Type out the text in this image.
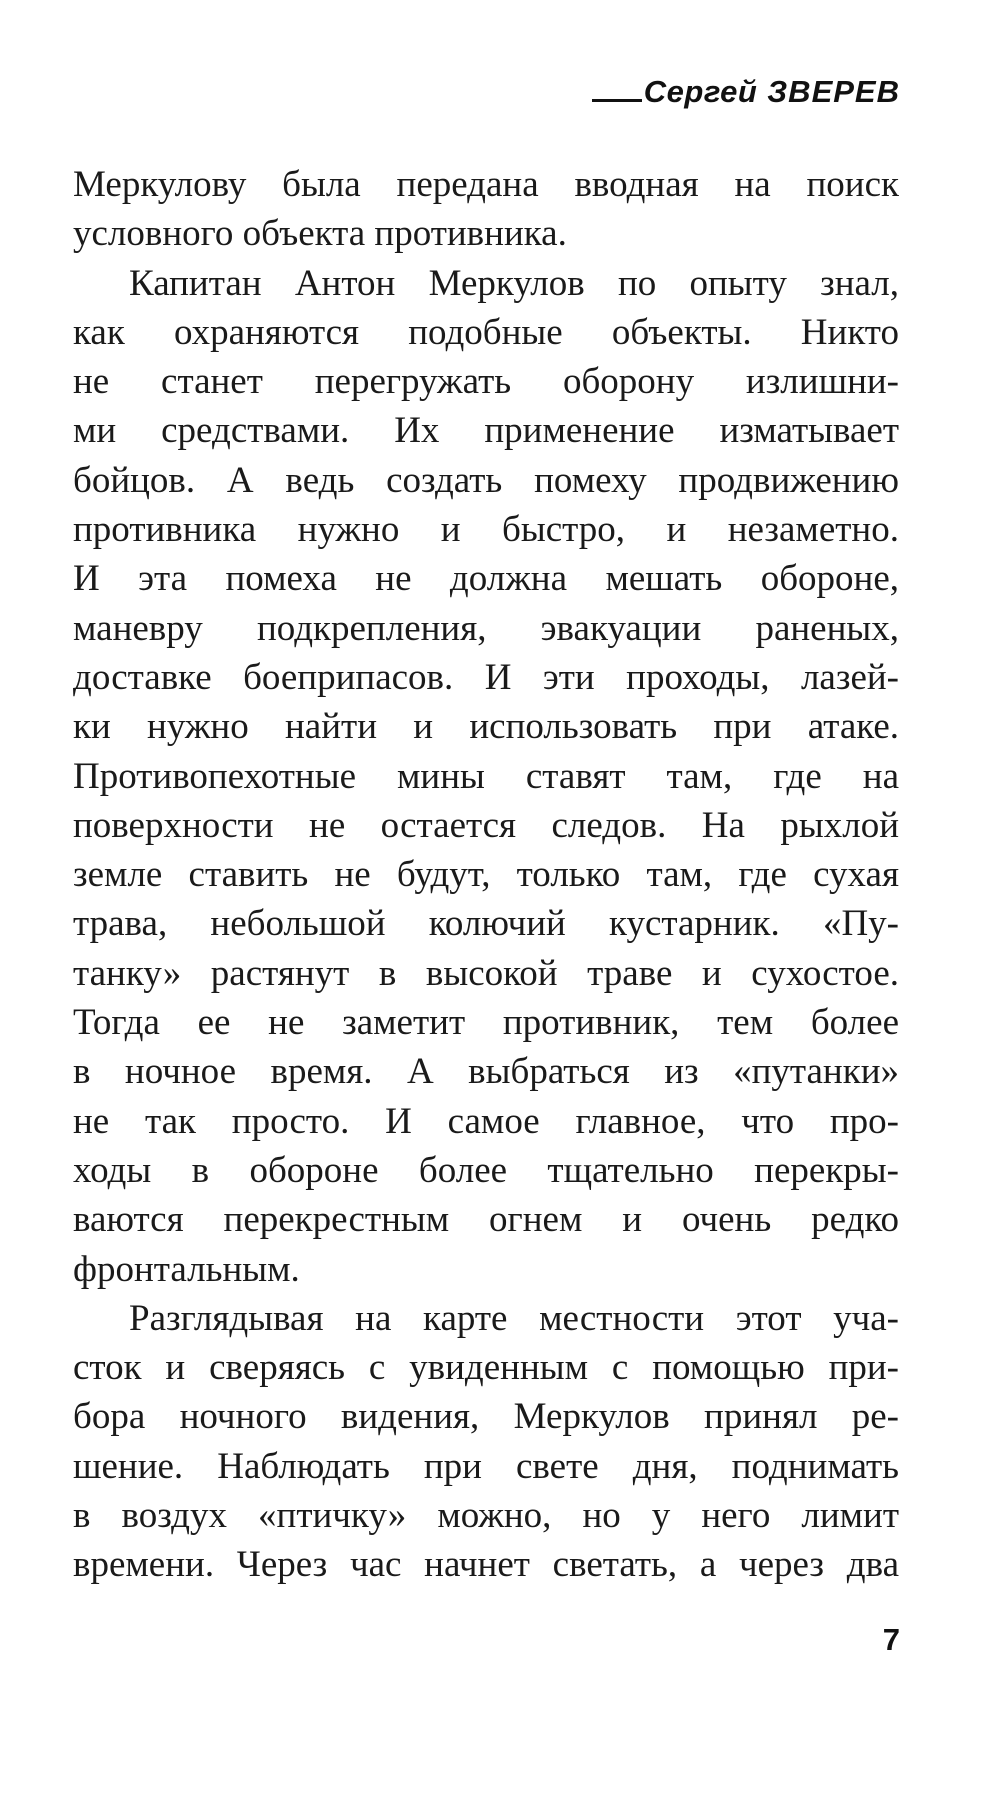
Сергей ЗВЕРЕВ
Меркулову была передана вводная на поиск
условного объекта противника.
Капитан Антон Меркулов по опыту знал,
как охраняются подобные объекты. Никто
не станет перегружать оборону излишни-
ми средствами. Их применение изматывает
бойцов. А ведь создать помеху продвижению
противника нужно и быстро, и незаметно.
И эта помеха не должна мешать обороне,
маневру подкрепления, эвакуации раненых,
доставке боеприпасов. И эти проходы, лазей-
ки нужно найти и использовать при атаке.
Противопехотные мины ставят там, где на
поверхности не остается следов. На рыхлой
земле ставить не будут, только там, где сухая
трава, небольшой колючий кустарник. «Пу-
танку» растянут в высокой траве и сухостое.
Тогда ее не заметит противник, тем более
в ночное время. А выбраться из «путанки»
не так просто. И самое главное, что про-
ходы в обороне более тщательно перекры-
ваются перекрестным огнем и очень редко
фронтальным.
Разглядывая на карте местности этот уча-
сток и сверяясь с увиденным с помощью при-
бора ночного видения, Меркулов принял ре-
шение. Наблюдать при свете дня, поднимать
в воздух «птичку» можно, но у него лимит
времени. Через час начнет светать, а через два
7
